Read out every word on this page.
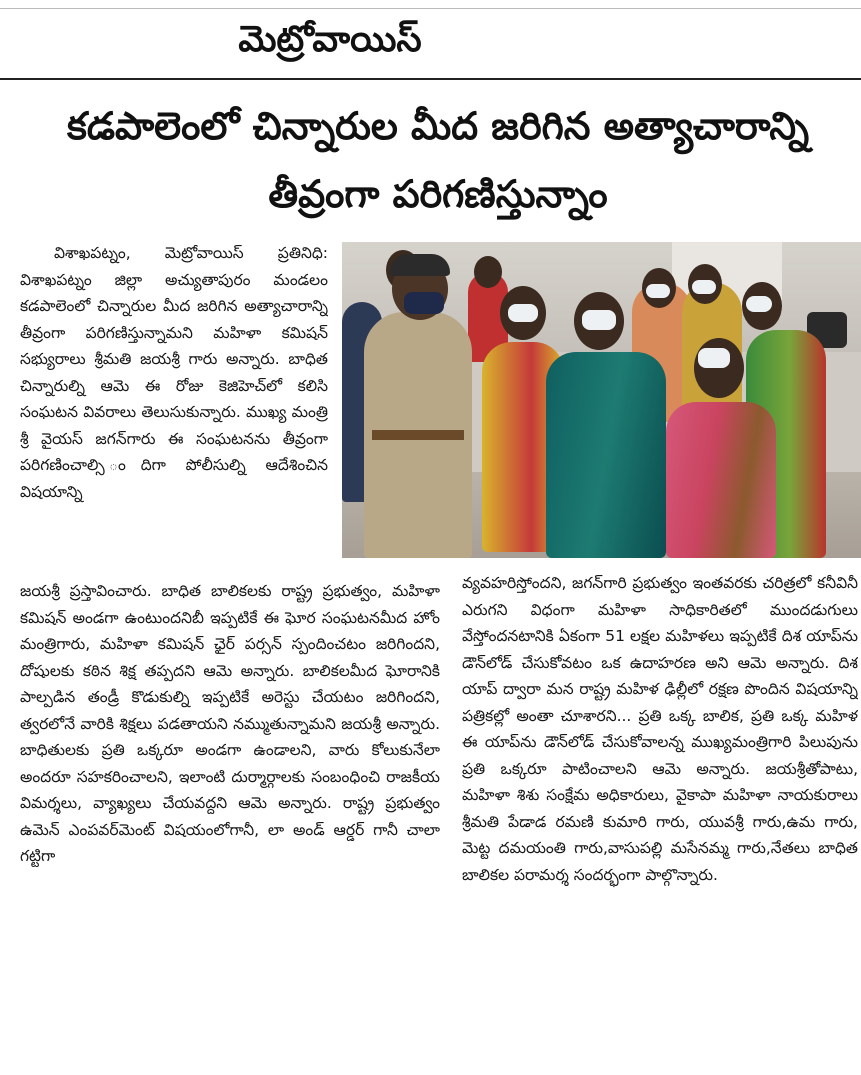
మెట్రోవాయిస్
కడపాలెంలో చిన్నారుల మీద జరిగిన అత్యాచారాన్ని
తీవ్రంగా పరిగణిస్తున్నాం

విశాఖపట్నం, మెట్రోవాయిస్ ప్రతినిధి: విశాఖపట్నం జిల్లా అచ్యుతాపురం మండలం కడపాలెంలో చిన్నారుల మీద జరిగిన అత్యాచారాన్ని తీవ్రంగా పరిగణిస్తున్నామని మహిళా కమిషన్ సభ్యురాలు శ్రీమతి జయశ్రీ గారు అన్నారు. బాధిత చిన్నారుల్ని ఆమె ఈ రోజు కెజిహెచ్‌లో కలిసి సంఘటన వివరాలు తెలుసుకున్నారు. ముఖ్య మంత్రి శ్రీ వైయస్ జగన్‌గారు ఈ సంఘటనను తీవ్రంగా పరిగణించాల్సి ందిగా పోలీసుల్ని ఆదేశించిన విషయాన్ని

జయశ్రీ ప్రస్తావించారు. బాధిత బాలికలకు రాష్ట్ర ప్రభుత్వం, మహిళా కమిషన్ అండగా ఉంటుందనిబీ ఇప్పటికే ఈ ఘోర సంఘటనమీద హోం మంత్రిగారు, మహిళా కమిషన్ ఛైర్ పర్సన్ స్పందించటం జరిగిందని, దోషులకు కఠిన శిక్ష తప్పదని ఆమె అన్నారు. బాలికలమీద ఘోరానికి పాల్పడిన తండ్రీ కొడుకుల్ని ఇప్పటికే అరెస్టు చేయటం జరిగిందని, త్వరలోనే వారికి శిక్షలు పడతాయని నమ్ముతున్నామని జయశ్రీ అన్నారు. బాధితులకు ప్రతి ఒక్కరూ అండగా ఉండాలని, వారు కోలుకునేలా అందరూ సహకరించాలని, ఇలాంటి దుర్మార్గాలకు సంబంధించి రాజకీయ విమర్శలు, వ్యాఖ్యలు చేయవద్దని ఆమె అన్నారు. రాష్ట్ర ప్రభుత్వం ఉమెన్ ఎంపవర్‌మెంట్ విషయంలోగానీ, లా అండ్ ఆర్డర్ గానీ చాలా గట్టిగా

వ్యవహరిస్తోందని, జగన్‌గారి ప్రభుత్వం ఇంతవరకు చరిత్రలో కనీవినీ ఎరుగని విధంగా మహిళా సాధికారితలో ముందడుగులు వేస్తోందనటానికి ఏకంగా 51 లక్షల మహిళలు ఇప్పటికే దిశ యాప్‌ను డౌన్‌లోడ్ చేసుకోవటం ఒక ఉదాహరణ అని ఆమె అన్నారు. దిశ యాప్ ద్వారా మన రాష్ట్ర మహిళ ఢిల్లీలో రక్షణ పొందిన విషయాన్ని పత్రికల్లో అంతా చూశారని... ప్రతి ఒక్క బాలిక, ప్రతి ఒక్క మహిళ ఈ యాప్‌ను డౌన్‌లోడ్ చేసుకోవాలన్న ముఖ్యమంత్రిగారి పిలుపును ప్రతి ఒక్కరూ పాటించాలని ఆమె అన్నారు. జయశ్రీతోపాటు, మహిళా శిశు సంక్షేమ అధికారులు, వైకాపా మహిళా నాయకురాలు శ్రీమతి పేడాడ రమణి కుమారి గారు, యువశ్రీ గారు,ఉమ గారు, మెట్ట దమయంతి గారు,వాసుపల్లి మసేనమ్మ గారు,నేతలు బాధిత బాలికల పరామర్శ సందర్భంగా పాల్గొన్నారు.
